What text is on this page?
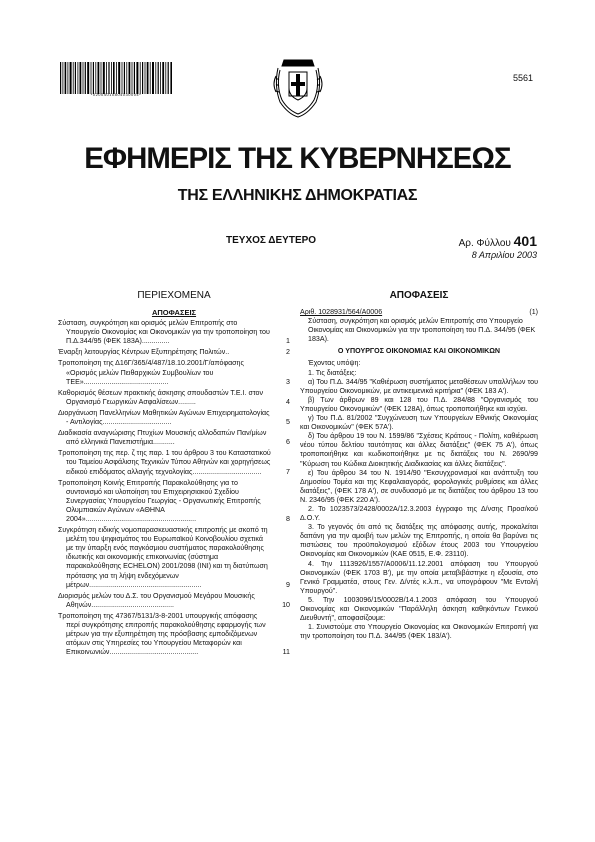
*02004010804030004*
5561
ΕΦΗΜΕΡΙΣ ΤΗΣ ΚΥΒΕΡΝΗΣΕΩΣ
ΤΗΣ ΕΛΛΗΝΙΚΗΣ ΔΗΜΟΚΡΑΤΙΑΣ
ΤΕΥΧΟΣ ΔΕΥΤΕΡΟ	Αρ. Φύλλου 401
8 Απριλίου 2003
ΠΕΡΙΕΧΟΜΕΝΑ
ΑΠΟΦΑΣΕΙΣ
Σύσταση, συγκρότηση και ορισμός μελών Επιτροπής στο Υπουργείο Οικονομίας και Οικονομικών για την τροποποίηση του Π.Δ.344/95 (ΦΕΚ 183Α)..............	1
Έναρξη λειτουργίας Κέντρων Εξυπηρέτησης Πολιτών..	2
Τροποποίηση της Δ16Γ/365/4/487/18.10.2001/Γ/απόφασης «Ορισμός μελών Πειθαρχικών Συμβουλίων του ΤΕΕ»...........................................	3
Καθορισμός θέσεων πρακτικής άσκησης σπουδαστών Τ.Ε.Ι. στον Οργανισμό Γεωργικών Ασφαλίσεων.........	4
Διοργάνωση Πανελληνίων Μαθητικών Αγώνων Επιχειρηματολογίας - Αντιλογίας...................................	5
Διαδικασία αναγνώρισης Πτυχίων Μουσικής αλλοδαπών Παν/μίων από ελληνικά Πανεπιστήμια...........	6
Τροποποίηση της περ. ζ της παρ. 1 του άρθρου 3 του Καταστατικού του Ταμείου Ασφάλισης Τεχνικών Τύπου Αθηνών και χορηγήσεως ειδικού επιδόματος αλλαγής τεχνολογίας...................................	7
Τροποποίηση Κοινής Επιτροπής Παρακολούθησης για το συντονισμό και υλοποίηση του Επιχειρησιακού Σχεδίου Συνεργασίας Υπουργείου Γεωργίας - Οργανωτικής Επιτροπής Ολυμπιακών Αγώνων «ΑΘΗΝΑ 2004»........................................................	8
Συγκρότηση ειδικής νομοπαρασκευαστικής επιτροπής με σκοπό τη μελέτη του ψηφισμάτος του Ευρωπαϊκού Κοινοβουλίου σχετικά με την ύπαρξη ενός παγκόσμιου συστήματος παρακολούθησης ιδιωτικής και οικονομικής επικοινωνίας (σύστημα παρακολούθησης ECHELON) 2001/2098 (INI) και τη διατύπωση πρότασης για τη λήψη ενδεχόμενων μέτρων.........................................................	9
Διορισμός μελών του Δ.Σ. του Οργανισμού Μεγάρου Μουσικής Αθηνών..........................................	10
Τροποποίηση της 47367/5131/3-8-2001 υπουργικής απόφασης περί συγκρότησης επιτροπής παρακολούθησης εφαρμογής των μέτρων για την εξυπηρέτηση της πρόσβασης εμποδιζόμενων ατόμων στις Υπηρεσίες του Υπουργείου Μεταφορών και Επικοινωνιών.............................................	11
ΑΠΟΦΑΣΕΙΣ
Αριθ. 1028931/564/Α0006	(1)
Σύσταση, συγκρότηση και ορισμός μελών Επιτροπής στο Υπουργείο Οικονομίας και Οικονομικών για την τροποποίηση του Π.Δ. 344/95 (ΦΕΚ 183Α).
Ο ΥΠΟΥΡΓΟΣ ΟΙΚΟΝΟΜΙΑΣ ΚΑΙ ΟΙΚΟΝΟΜΙΚΩΝ
Έχοντας υπόψη:
1. Τις διατάξεις:
α) Του Π.Δ. 344/95 "Καθιέρωση συστήματος μεταθέσεων υπαλλήλων του Υπουργείου Οικονομικών, με αντικειμενικά κριτήρια" (ΦΕΚ 183 Α').
β) Των άρθρων 89 και 128 του Π.Δ. 284/88 "Οργανισμός του Υπουργείου Οικονομικών" (ΦΕΚ 128Α), όπως τροποποιήθηκε και ισχύει.
γ) Του Π.Δ. 81/2002 "Συγχώνευση των Υπουργείων Εθνικής Οικονομίας και Οικονομικών" (ΦΕΚ 57Α').
δ) Του άρθρου 19 του Ν. 1599/86 "Σχέσεις Κράτους - Πολίτη, καθιέρωση νέου τύπου δελτίου ταυτότητας και άλλες διατάξεις" (ΦΕΚ 75 Α'), όπως τροποποιήθηκε και κωδικοποιήθηκε με τις διατάξεις του Ν. 2690/99 "Κύρωση του Κώδικα Διοικητικής Διαδικασίας και άλλες διατάξεις".
ε) Του άρθρου 34 του Ν. 1914/90 "Εκσυγχρονισμοί και ανάπτυξη του Δημοσίου Τομέα και της Κεφαλαιαγοράς, φορολογικές ρυθμίσεις και άλλες διατάξεις", (ΦΕΚ 178 Α'), σε συνδυασμό με τις διατάξεις του άρθρου 13 του Ν. 2346/95 (ΦΕΚ 220 Α').
2. Το 1023573/2428/0002Α/12.3.2003 έγγραφο της Δ/νσης Προσ/κού Δ.Ο.Υ.
3. Το γεγονός ότι από τις διατάξεις της απόφασης αυτής, προκαλείται δαπάνη για την αμοιβή των μελών της Επιτροπής, η οποία θα βαρύνει τις πιστώσεις του προϋπολογισμού εξόδων έτους 2003 του Υπουργείου Οικονομίας και Οικονομικών (ΚΑΕ 0515, Ε.Φ. 23110).
4. Την 1113926/1557/Α0006/11.12.2001 απόφαση του Υπουργού Οικονομικών (ΦΕΚ 1703 Β'), με την οποία μεταβιβάστηκε η εξουσία, στο Γενικό Γραμματέα, στους Γεν. Δ/ντές κ.λ.π., να υπογράφουν "Με Εντολή Υπουργού".
5. Την 1003096/15/0002Β/14.1.2003 απόφαση του Υπουργού Οικονομίας και Οικονομικών "Παράλληλη άσκηση καθηκόντων Γενικού Διευθυντή", αποφασίζουμε:
1. Συνιστούμε στο Υπουργείο Οικονομίας και Οικονομικών Επιτροπή για την τροποποίηση του Π.Δ. 344/95 (ΦΕΚ 183/Α').
